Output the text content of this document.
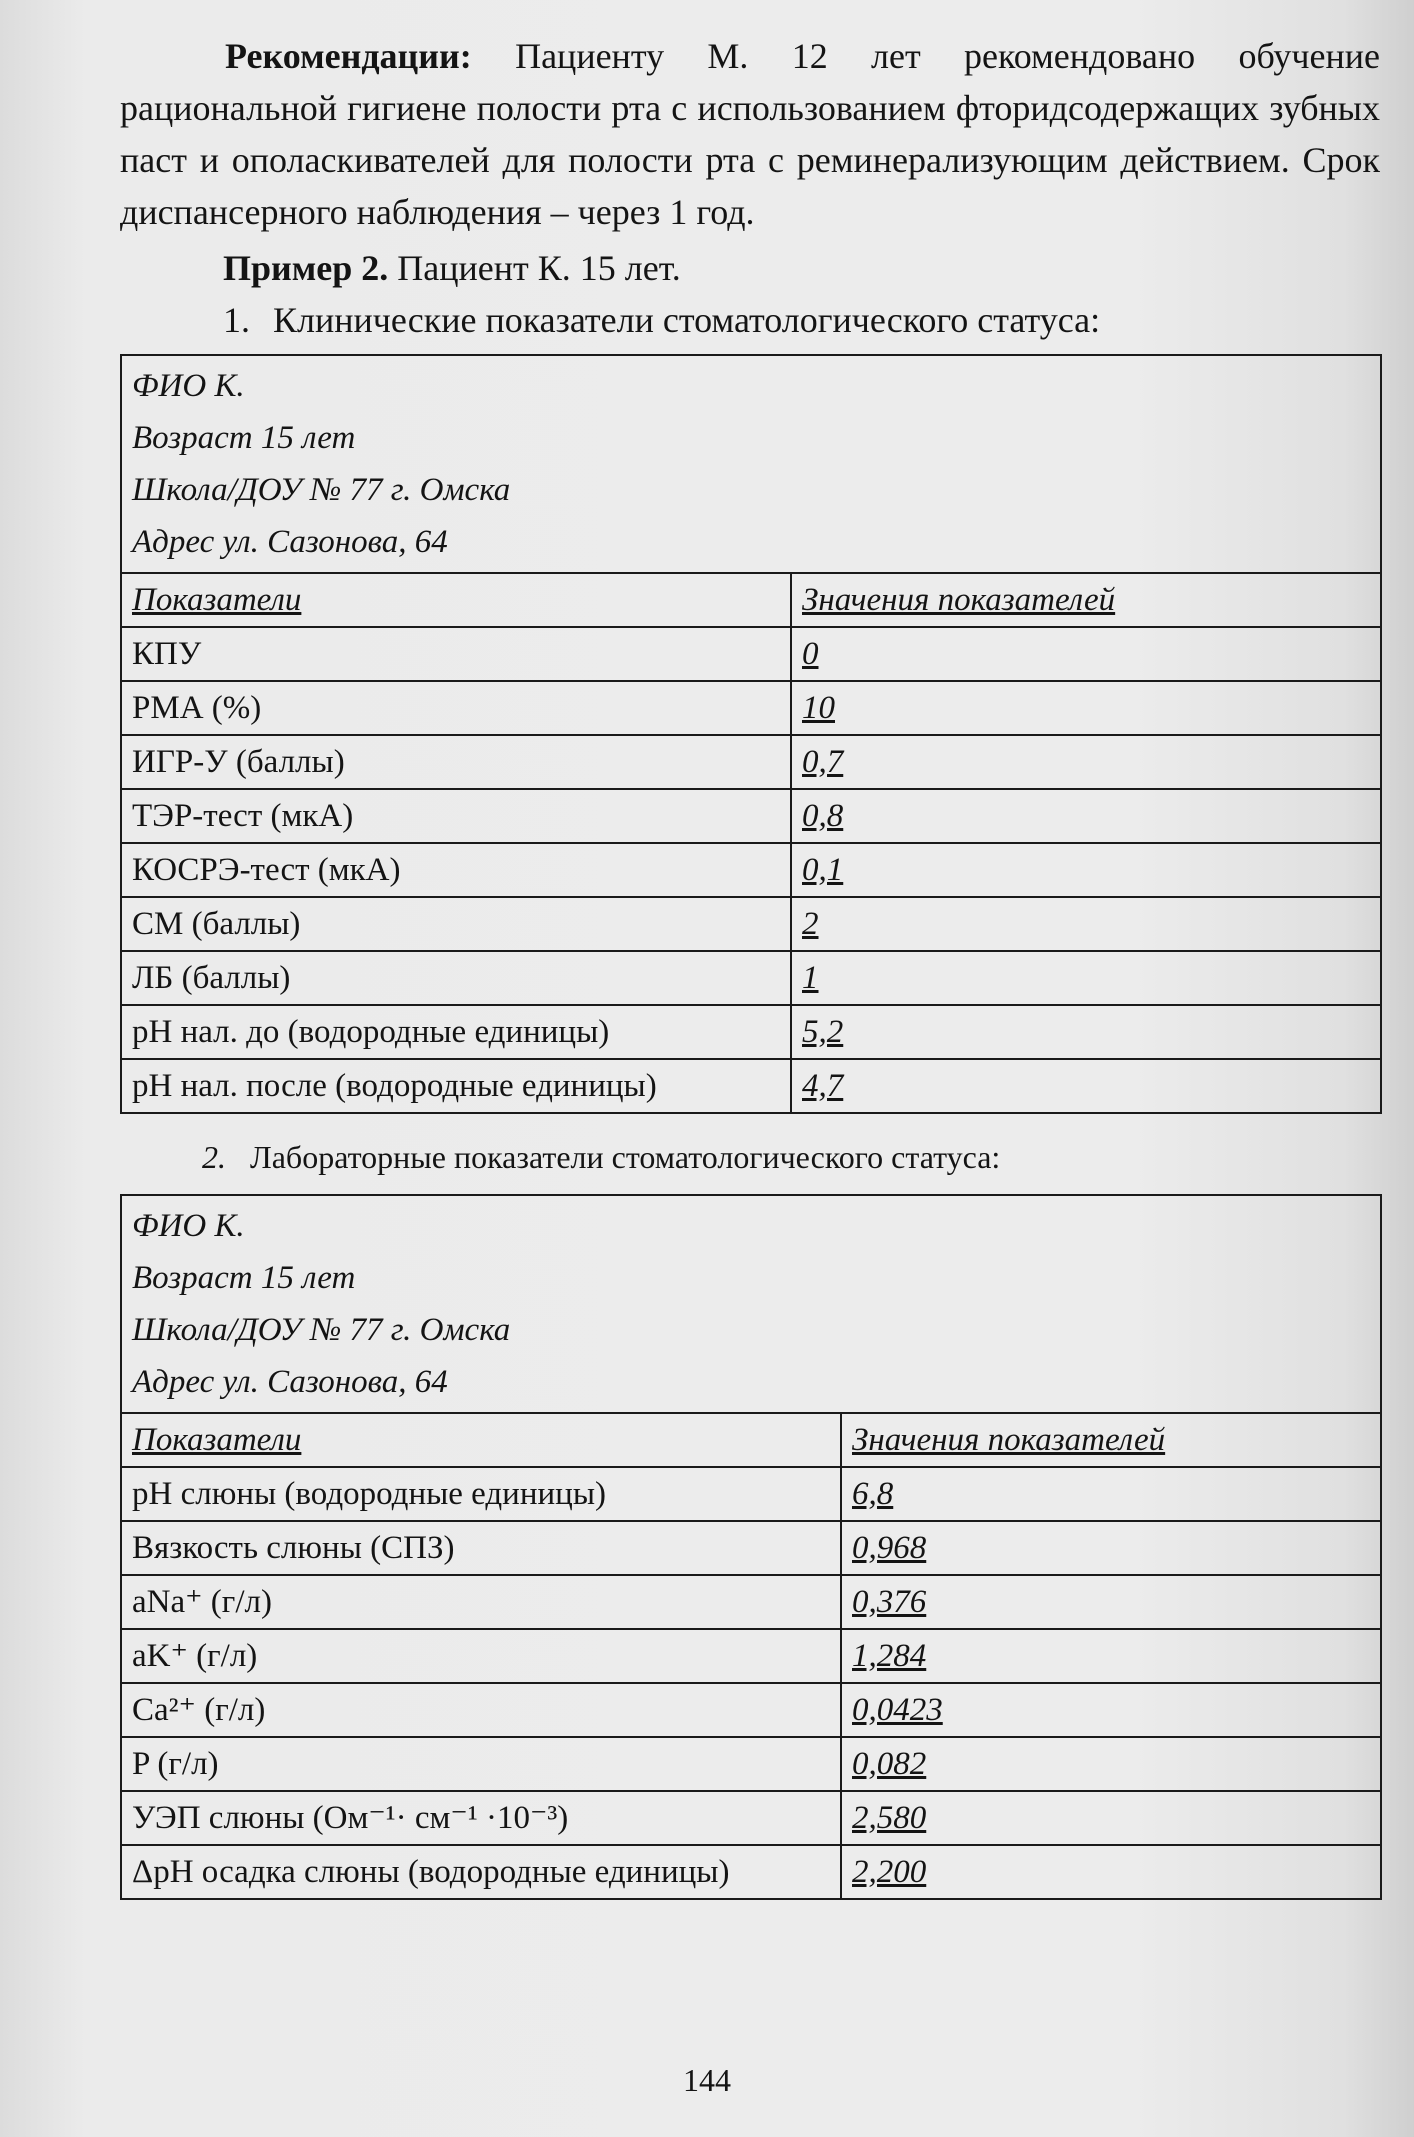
Рекомендации: Пациенту М. 12 лет рекомендовано обучение рациональной гигиене полости рта с использованием фторидсодержащих зубных паст и ополаскивателей для полости рта с реминерализующим действием. Срок диспансерного наблюдения – через 1 год.

Пример 2. Пациент К. 15 лет.
1. Клинические показатели стоматологического статуса:
ФИО К.
Возраст 15 лет
Школа/ДОУ № 77 г. Омска
Адрес ул. Сазонова, 64	

Показатели	Значения показателей
КПУ	0
РМА (%)	10
ИГР-У (баллы)	0,7
ТЭР-тест (мкА)	0,8
КОСРЭ-тест (мкА)	0,1
СМ (баллы)	2
ЛБ (баллы)	1
pH нал. до (водородные единицы)	5,2
pH нал. после (водородные единицы)	4,7
2. Лабораторные показатели стоматологического статуса:
ФИО К.
Возраст 15 лет
Школа/ДОУ № 77 г. Омска
Адрес ул. Сазонова, 64	

Показатели	Значения показателей
pH слюны (водородные единицы)	6,8
Вязкость слюны (СПЗ)	0,968
aNa⁺ (г/л)	0,376
aK⁺ (г/л)	1,284
Ca²⁺ (г/л)	0,0423
P (г/л)	0,082
УЭП слюны (Ом⁻¹· см⁻¹ ·10⁻³)	2,580
ΔрН осадка слюны (водородные единицы)	2,200
144
